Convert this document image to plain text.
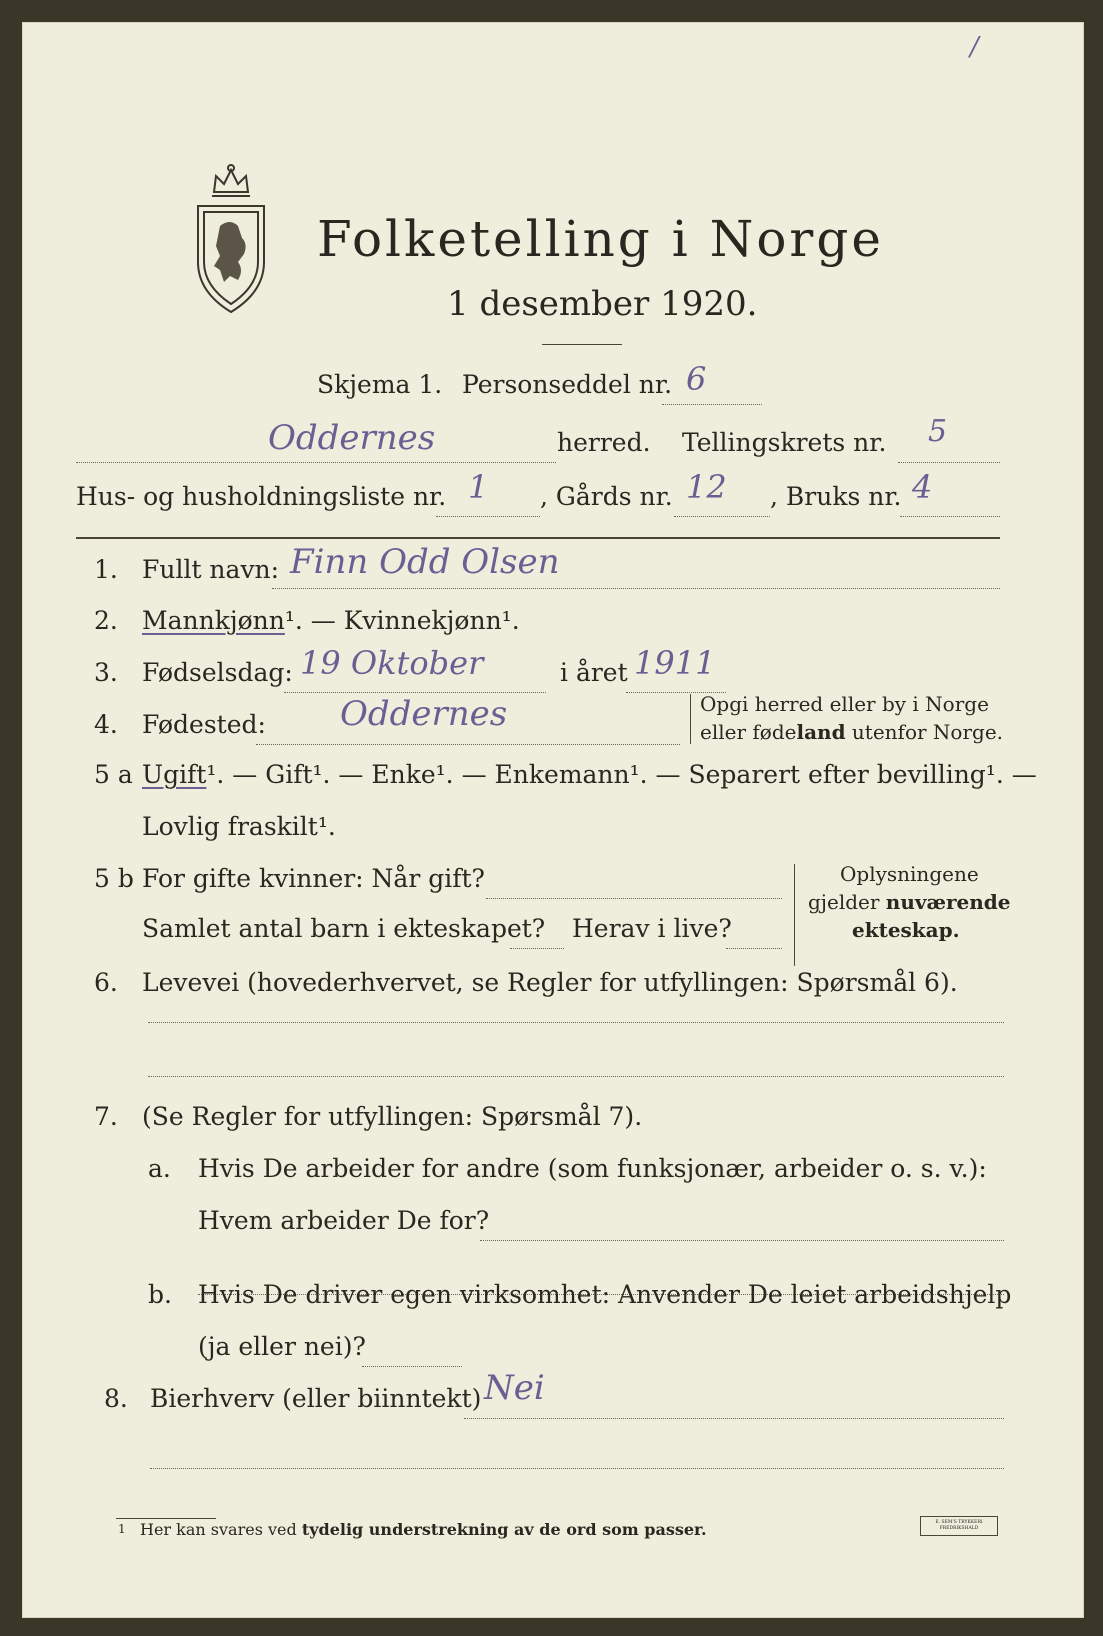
/
Folketelling i Norge
1 desember 1920.
Skjema 1. Personseddel nr. 6
Oddernes	herred. Tellingskrets nr. 5
Hus- og husholdningsliste nr. 1 , Gårds nr. 12 , Bruks nr. 4
1. Fullt navn: Finn Odd Olsen
2. Mannkjønn¹. — Kvinnekjønn¹.
3. Fødselsdag: 19 Oktober	i året 1911
4. Fødested: Oddernes	Opgi herred eller by i Norge
eller fødeland utenfor Norge.
5 a Ugift¹. — Gift¹. — Enke¹. — Enkemann¹. — Separert efter bevilling¹. —
Lovlig fraskilt¹.
5 b For gifte kvinner: Når gift?
Samlet antal barn i ekteskapet? Herav i live?
Oplysningene
gjelder nuværende
ekteskap.
6. Levevei (hovederhvervet, se Regler for utfyllingen: Spørsmål 6).
7. (Se Regler for utfyllingen: Spørsmål 7).
a. Hvis De arbeider for andre (som funksjonær, arbeider o. s. v.):
Hvem arbeider De for?
b. Hvis De driver egen virksomhet: Anvender De leiet arbeidshjelp
(ja eller nei)?
8. Bierhverv (eller biinntekt) Nei
1 Her kan svares ved tydelig understrekning av de ord som passer.	E. SEM'S TRYKKERI FREDRIKSHALD
